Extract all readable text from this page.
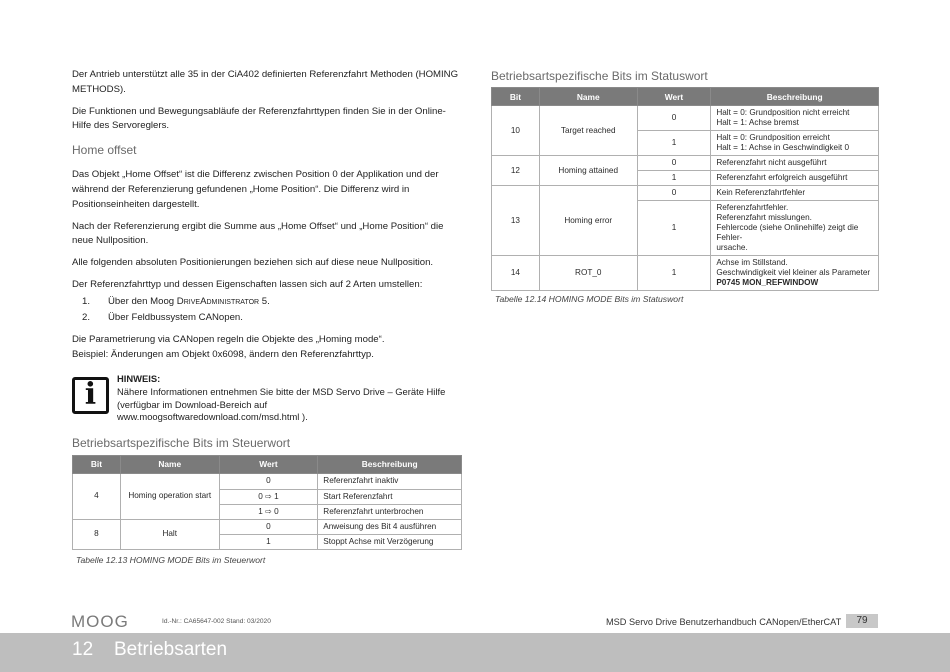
Der Antrieb unterstützt alle 35 in der CiA402 definierten Referenzfahrt Methoden (HOMING METHODS).

Die Funktionen und Bewegungsabläufe der Referenzfahrttypen finden Sie in der Online-Hilfe des Servoreglers.

Home offset

Das Objekt „Home Offset“ ist die Differenz zwischen Position 0 der Applikation und der während der Referenzierung gefundenen „Home Position“. Die Differenz wird in Positionseinheiten dargestellt.

Nach der Referenzierung ergibt die Summe aus „Home Offset“ und „Home Position“ die neue Nullposition.

Alle folgenden absoluten Positionierungen beziehen sich auf diese neue Nullposition.

Der Referenzfahrttyp und dessen Eigenschaften lassen sich auf 2 Arten umstellen:

1. Über den Moog DriveAdministrator 5.
2. Über Feldbussystem CANopen.

Die Parametrierung via CANopen regeln die Objekte des „Homing mode“.
Beispiel: Änderungen am Objekt 0x6098, ändern den Referenzfahrttyp.

i HINWEIS:
Nähere Informationen entnehmen Sie bitte der MSD Servo Drive – Geräte Hilfe
(verfügbar im Download-Bereich auf
www.moogsoftwaredownload.com/msd.html ).
Betriebsartspezifische Bits im Steuerwort
Bit	Name	Wert	Beschreibung
4	Homing operation start	0	Referenzfahrt inaktiv
		0 ⇨ 1	Start Referenzfahrt
		1 ⇨ 0	Referenzfahrt unterbrochen
8	Halt	0	Anweisung des Bit 4 ausführen
		1	Stoppt Achse mit Verzögerung
Tabelle 12.13 HOMING MODE Bits im Steuerwort
Betriebsartspezifische Bits im Statuswort
Bit	Name	Wert	Beschreibung
10	Target reached	0	Halt = 0: Grundposition nicht erreicht
Halt = 1: Achse bremst

		1	Halt = 0: Grundposition erreicht
Halt = 1: Achse in Geschwindigkeit 0

12	Homing attained	0	Referenzfahrt nicht ausgeführt
		1	Referenzfahrt erfolgreich ausgeführt
13	Homing error	0	Kein Referenzfahrtfehler
		1	Referenzfahrtfehler.
Referenzfahrt misslungen.
Fehlercode (siehe Onlinehilfe) zeigt die Fehler-
ursache.

14	ROT_0	1	Achse im Stillstand.
Geschwindigkeit viel kleiner als Parameter
P0745 MON_REFWINDOW
Tabelle 12.14 HOMING MODE Bits im Statuswort
MOOG	Id.-Nr.: CA65647-002 Stand: 03/2020	MSD Servo Drive Benutzerhandbuch CANopen/EtherCAT	79
12 Betriebsarten
